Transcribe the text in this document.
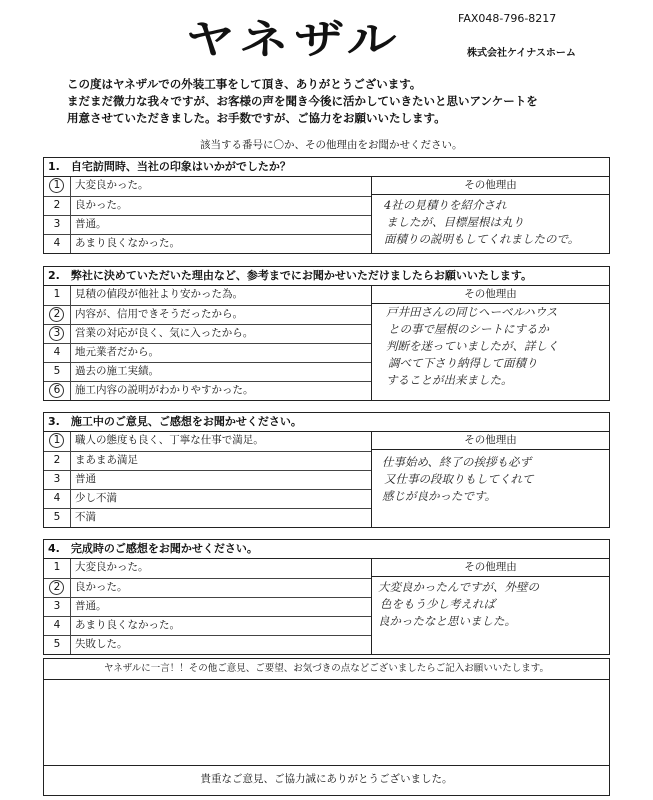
ヤネザル	FAX048-796-8217
株式会社ケイナスホーム
この度はヤネザルでの外装工事をして頂き、ありがとうございます。
まだまだ微力な我々ですが、お客様の声を聞き今後に活かしていきたいと思いアンケートを
用意させていただきました。お手数ですが、ご協力をお願いいたします。
該当する番号に〇か、その他理由をお聞かせください。
1.　自宅訪問時、当社の印象はいかがでしたか？
1	大変良かった。
2	良かった。
3	普通。
4	あまり良くなかった。
その他理由
4社の見積りを紹介され
ましたが、目標屋根は丸り
面積りの説明もしてくれましたので。
2.　弊社に決めていただいた理由など、参考までにお聞かせいただけましたらお願いいたします。
1	見積の値段が他社より安かった為。
2	内容が、信用できそうだったから。
3	営業の対応が良く、気に入ったから。
4	地元業者だから。
5	過去の施工実績。
6	施工内容の説明がわかりやすかった。
その他理由
戸井田さんの同じヘーベルハウス
との事で屋根のシートにするか
判断を迷っていましたが、詳しく
調べて下さり納得して面積り
することが出来ました。
3.　施工中のご意見、ご感想をお聞かせください。
1	職人の態度も良く、丁寧な仕事で満足。
2	まあまあ満足
3	普通
4	少し不満
5	不満
その他理由
仕事始め、終了の挨拶も必ず
又仕事の段取りもしてくれて
感じが良かったです。
4.　完成時のご感想をお聞かせください。
1	大変良かった。
2	良かった。
3	普通。
4	あまり良くなかった。
5	失敗した。
その他理由
大変良かったんですが、外壁の
色をもう少し考えれば
良かったなと思いました。
ヤネザルに一言！！その他ご意見、ご要望、お気づきの点などございましたらご記入お願いいたします。
貴重なご意見、ご協力誠にありがとうございました。
